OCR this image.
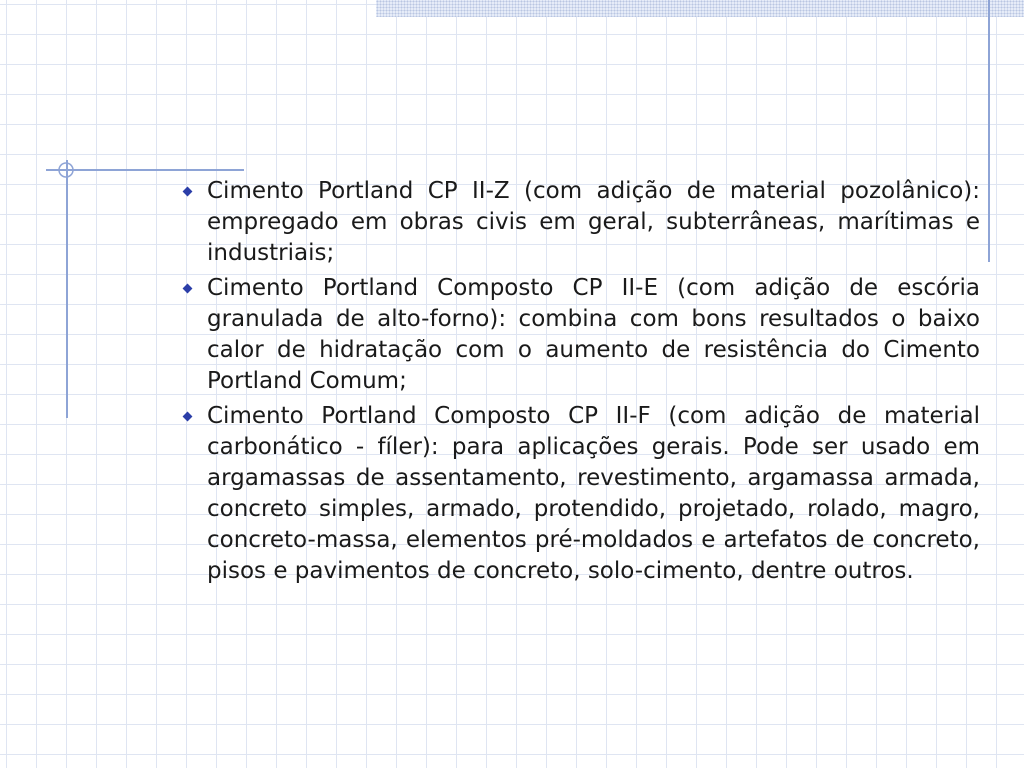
Cimento Portland CP II-Z (com adição de material pozolânico): empregado em obras civis em geral, subterrâneas, marítimas e industriais;
Cimento Portland Composto CP II-E (com adição de escória granulada de alto-forno): combina com bons resultados o baixo calor de hidratação com o aumento de resistência do Cimento Portland Comum;
Cimento Portland Composto CP II-F (com adição de material carbonático - fíler): para aplicações gerais. Pode ser usado em argamassas de assentamento, revestimento, argamassa armada, concreto simples, armado, protendido, projetado, rolado, magro, concreto-massa, elementos pré-moldados e artefatos de concreto, pisos e pavimentos de concreto, solo-cimento, dentre outros.
